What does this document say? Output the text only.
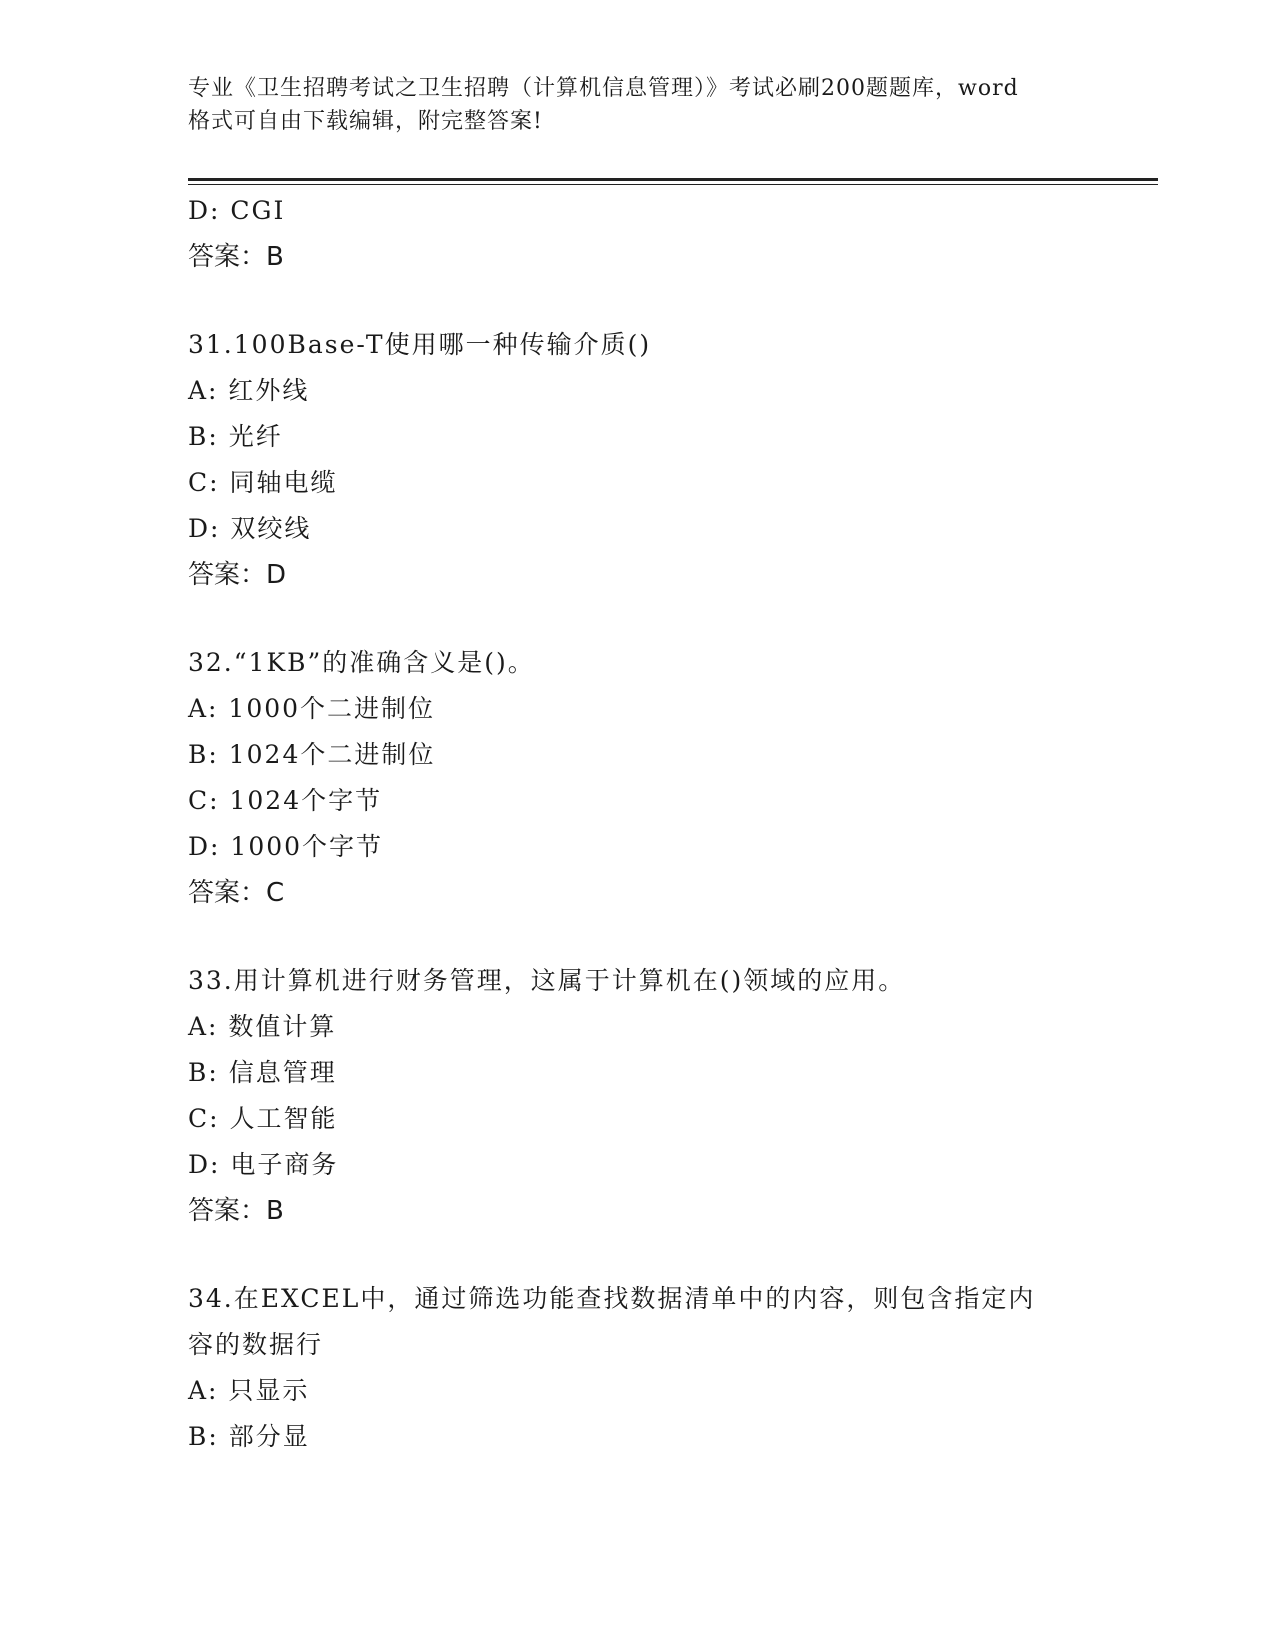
专业《卫生招聘考试之卫生招聘（计算机信息管理）》考试必刷200题题库，word
格式可自由下载编辑，附完整答案!

D: CGI

答案：B

31.100Base-T使用哪一种传输介质()

A: 红外线

B: 光纤

C: 同轴电缆

D: 双绞线

答案：D

32.“1KB”的准确含义是()。

A: 1000个二进制位

B: 1024个二进制位

C: 1024个字节

D: 1000个字节

答案：C

33.用计算机进行财务管理，这属于计算机在()领域的应用。

A: 数值计算

B: 信息管理

C: 人工智能

D: 电子商务

答案：B

34.在EXCEL中，通过筛选功能查找数据清单中的内容，则包含指定内

容的数据行

A: 只显示

B: 部分显
